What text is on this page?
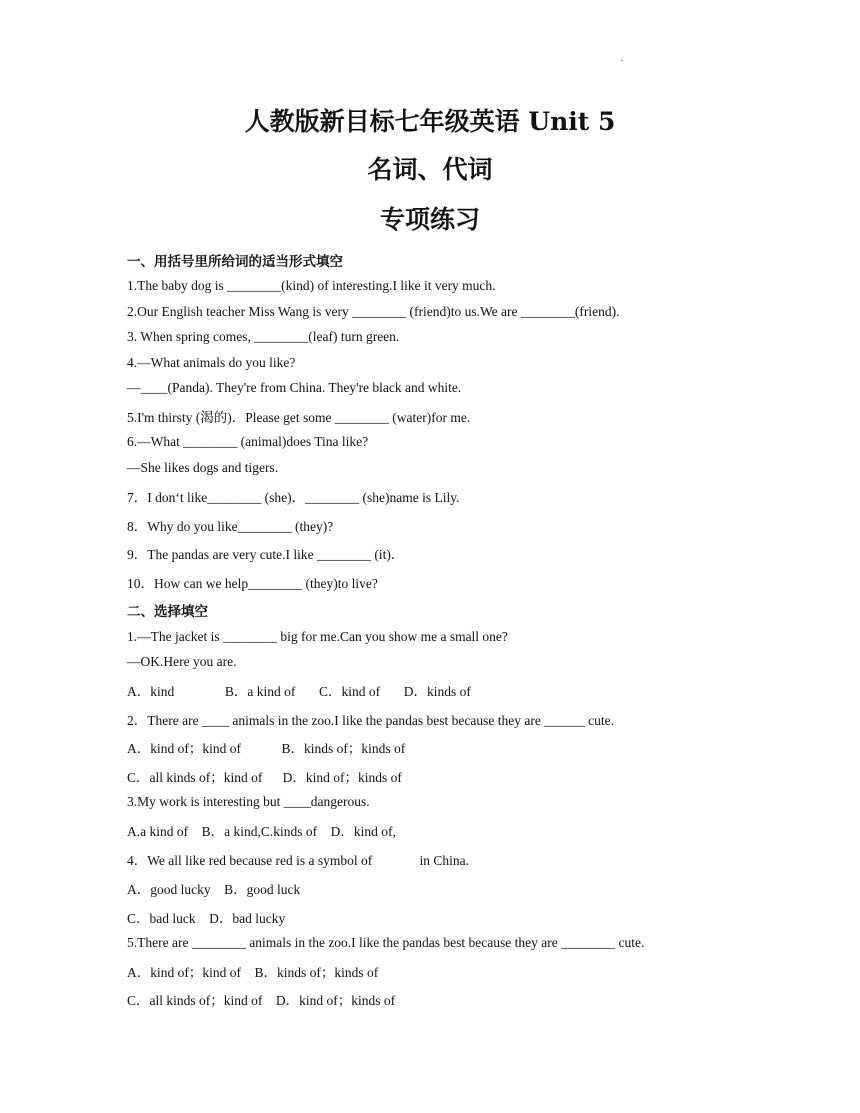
·
人教版新目标七年级英语 Unit 5
名词、代词
专项练习
一、用括号里所给词的适当形式填空
1.The baby dog is ________(kind) of interesting.I like it very much.
2.Our English teacher Miss Wang is very ________ (friend)to us.We are ________(friend).
3. When spring comes, ________(leaf) turn green.
4.—What animals do you like?
—____(Panda). They're from China. They're black and white.
5.I'm thirsty (渴的)．Please get some ________ (water)for me.
6.—What ________ (animal)does Tina like?
—She likes dogs and tigers.
7．I don‘t like________ (she)．________ (she)name is Lily.
8．Why do you like________ (they)?
9．The pandas are very cute.I like ________ (it)．
10．How can we help________ (they)to live?
二、选择填空
1.—The jacket is ________ big for me.Can you show me a small one?
—OK.Here you are.
A．kind               B．a kind of       C．kind of       D．kinds of
2．There are ____ animals in the zoo.I like the pandas best because they are ______ cute.
A．kind of；kind of            B．kinds of；kinds of
C．all kinds of；kind of      D．kind of；kinds of
3.My work is interesting but ____dangerous.
A.a kind of    B．a kind,C.kinds of    D．kind of,
4．We all like red because red is a symbol of              in China.
A．good lucky    B．good luck
C．bad luck    D．bad lucky
5.There are ________ animals in the zoo.I like the pandas best because they are ________ cute.
A．kind of；kind of    B．kinds of；kinds of
C．all kinds of；kind of    D．kind of；kinds of
